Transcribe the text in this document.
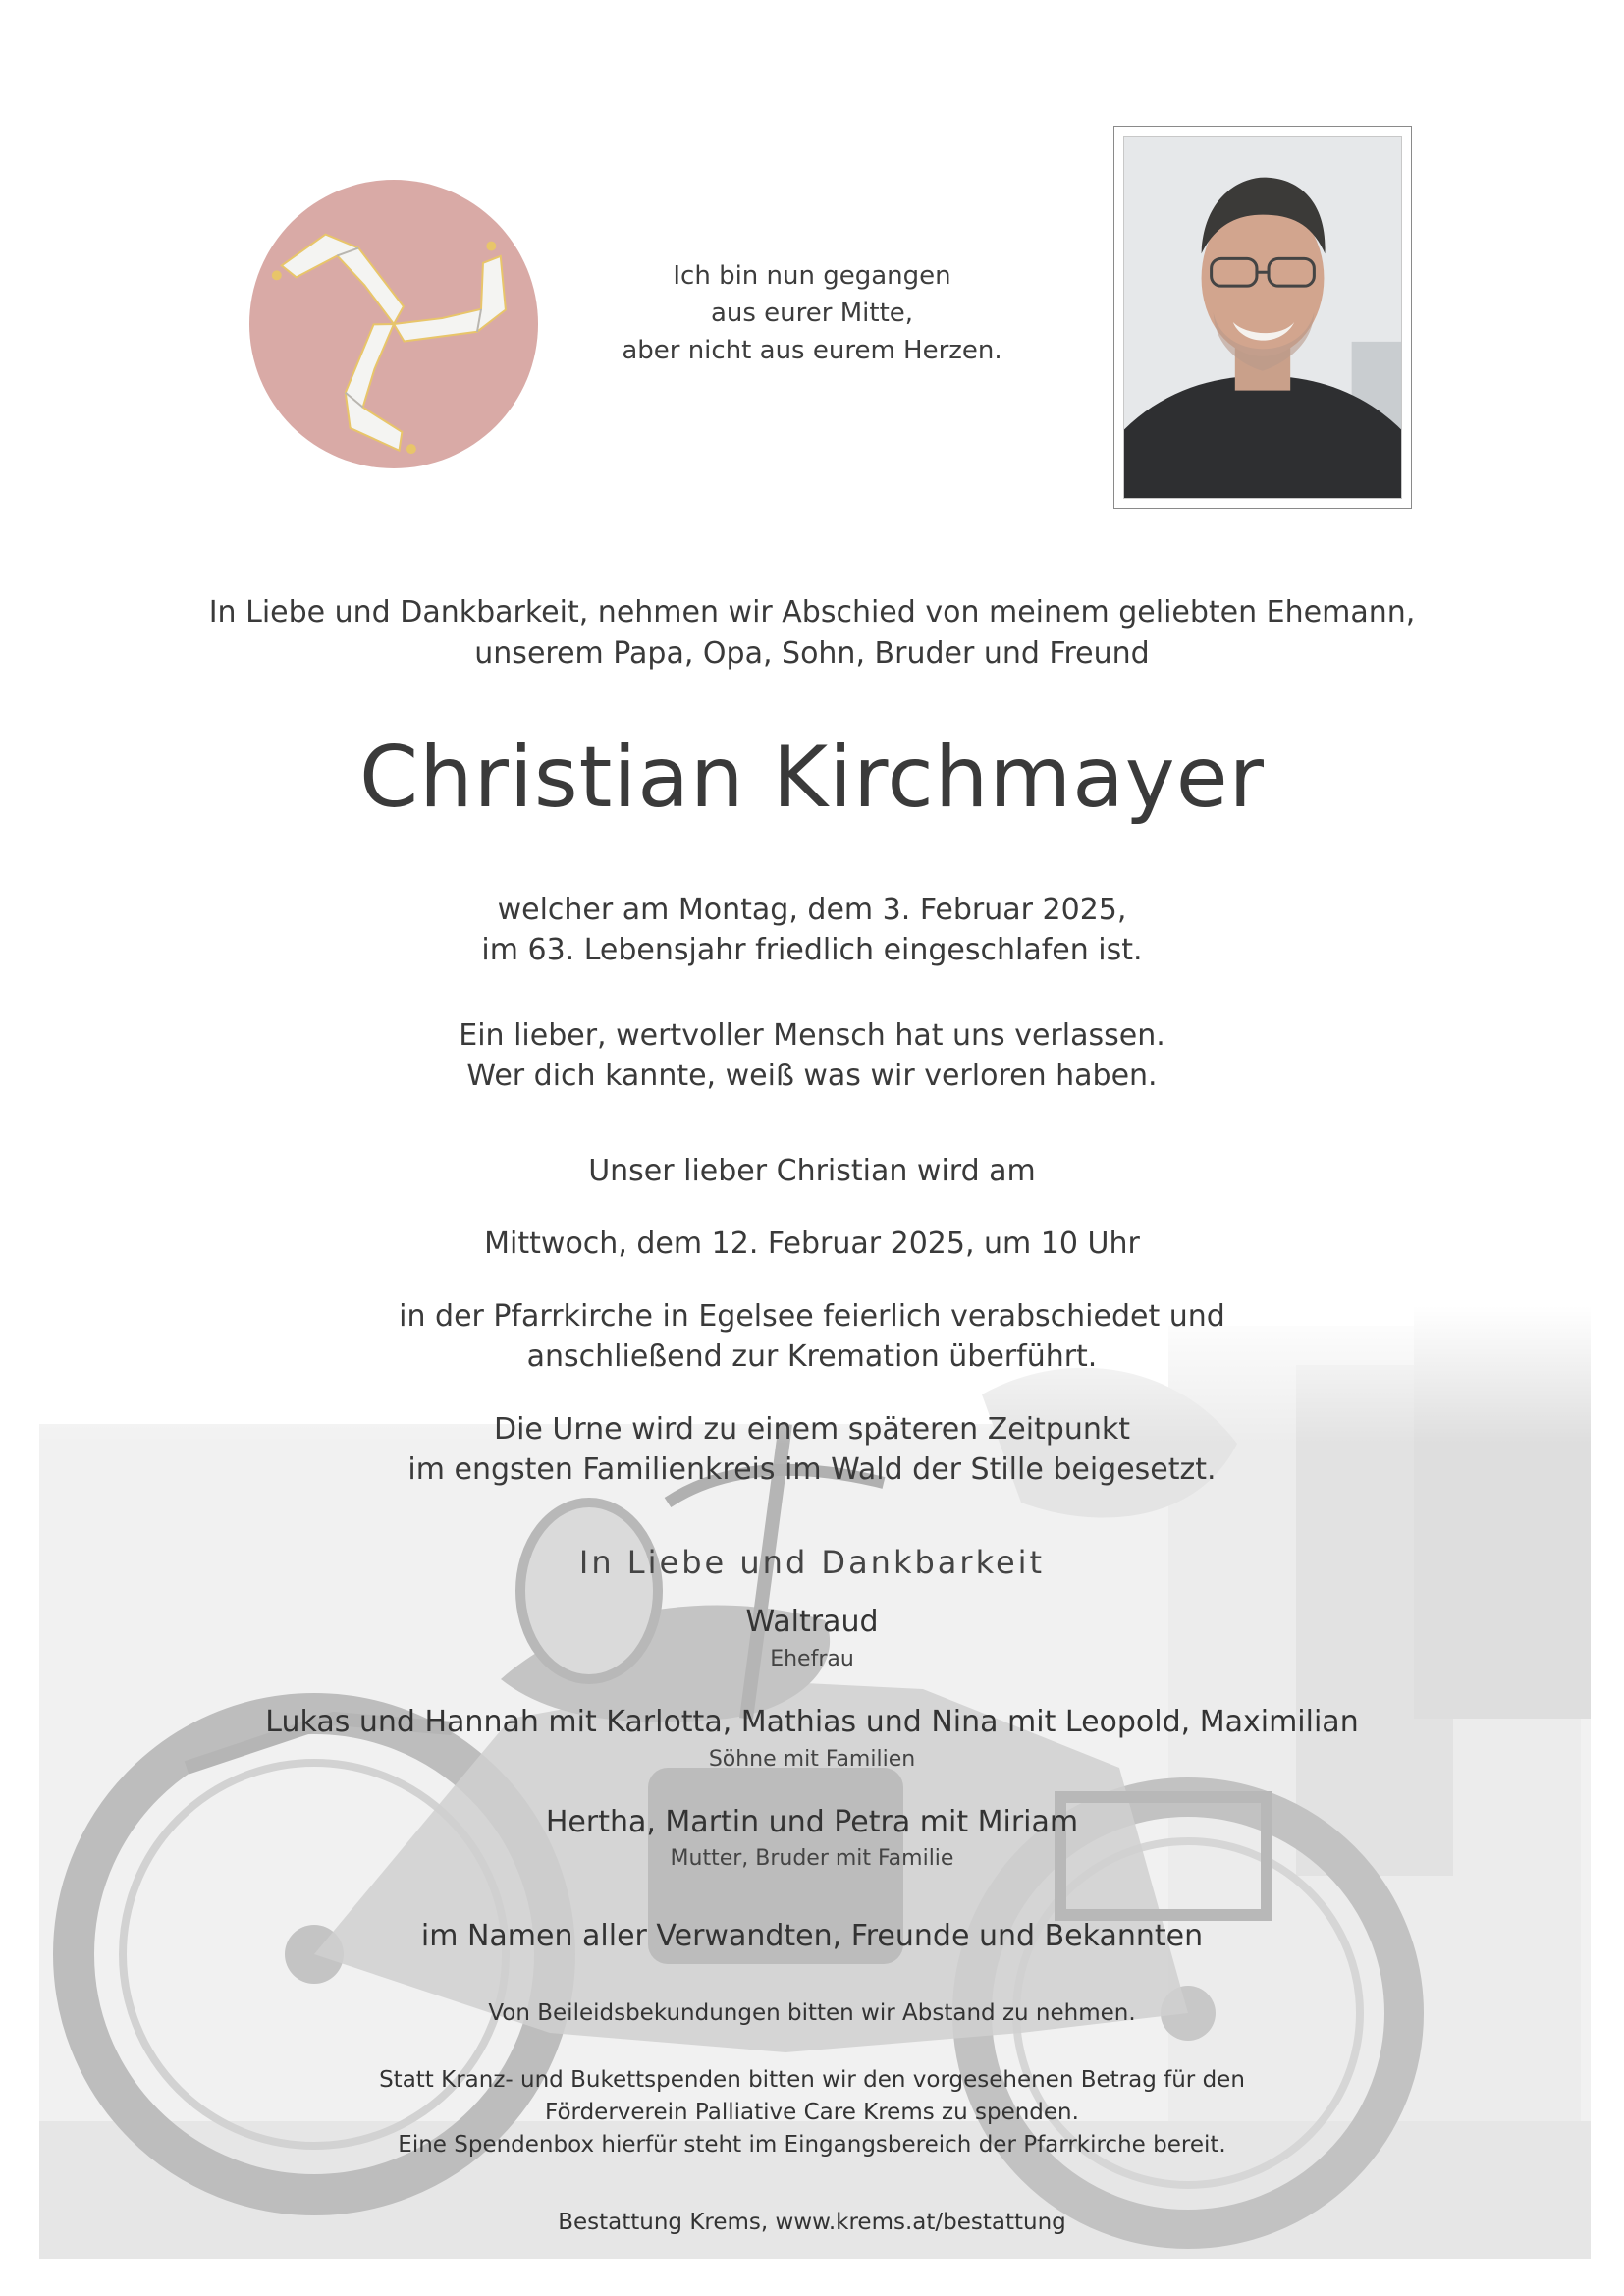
Ich bin nun gegangen
aus eurer Mitte,
aber nicht aus eurem Herzen.
In Liebe und Dankbarkeit, nehmen wir Abschied von meinem geliebten Ehemann,
unserem Papa, Opa, Sohn, Bruder und Freund
Christian Kirchmayer
welcher am Montag, dem 3. Februar 2025,
im 63. Lebensjahr friedlich eingeschlafen ist.
Ein lieber, wertvoller Mensch hat uns verlassen.
Wer dich kannte, weiß was wir verloren haben.
Unser lieber Christian wird am
Mittwoch, dem 12. Februar 2025, um 10 Uhr
in der Pfarrkirche in Egelsee feierlich verabschiedet und
anschließend zur Kremation überführt.
Die Urne wird zu einem späteren Zeitpunkt
im engsten Familienkreis im Wald der Stille beigesetzt.
In Liebe und Dankbarkeit
Waltraud
Ehefrau
Lukas und Hannah mit Karlotta, Mathias und Nina mit Leopold, Maximilian
Söhne mit Familien
Hertha, Martin und Petra mit Miriam
Mutter, Bruder mit Familie
im Namen aller Verwandten, Freunde und Bekannten
Von Beileidsbekundungen bitten wir Abstand zu nehmen.
Statt Kranz- und Bukettspenden bitten wir den vorgesehenen Betrag für den
Förderverein Palliative Care Krems zu spenden.
Eine Spendenbox hierfür steht im Eingangsbereich der Pfarrkirche bereit.
Bestattung Krems, www.krems.at/bestattung
